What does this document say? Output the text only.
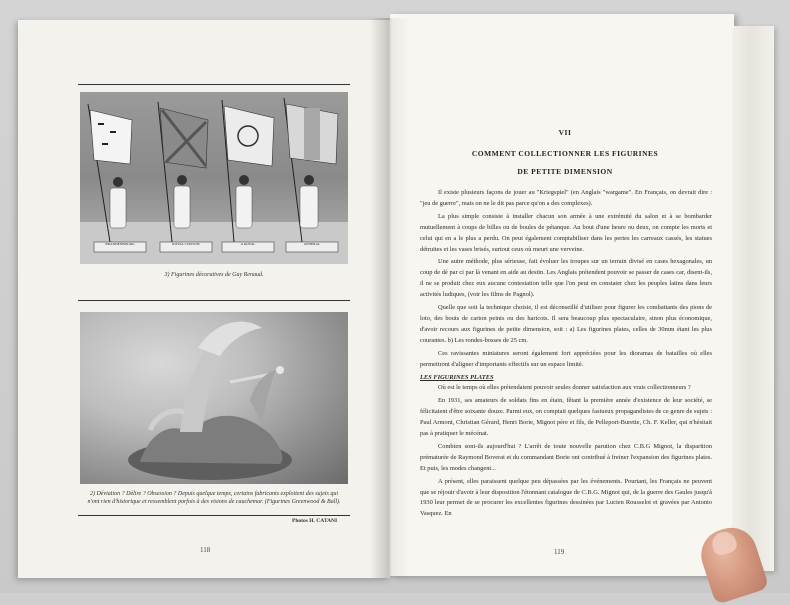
BRANDENBOURG	ROYAL CONTOIS	A ROYAL	GENERAL
3) Figurines décoratives de Guy Renaud.
2) Déviation ? Délire ? Obsession ? Depuis quelque temps, certains fabricants exploitent des sujets qui n'ont rien d'historique et ressemblent parfois à des visions de cauchemar. (Figurines Greenwood & Ball).
Photos H. CATANI
118
VII
COMMENT COLLECTIONNER LES FIGURINES
DE PETITE DIMENSION

Il existe plusieurs façons de jouer au "Kriegspiel" (en Anglais "wargame". En Français, on devrait dire : "jeu de guerre", mais on ne le dit pas parce qu'on a des complexes).

La plus simple consiste à installer chacun son armée à une extrémité du salon et à se bombarder mutuellement à coups de billes ou de boules de pétanque. Au bout d'une heure ou deux, on compte les morts et celui qui en a le plus a perdu. On peut également comptabiliser dans les pertes les carreaux cassés, les statues détruites et les vases brisés, surtout ceux où meurt une verveine.

Une autre méthode, plus sérieuse, fait évoluer les troupes sur un terrain divisé en cases hexagonales, un coup de dé par ci par là venant en aide au destin. Les Anglais prétendent pouvoir se passer de cases car, disent-ils, il ne se produit chez eux aucune contestation telle que l'on peut en constater chez les peuples latins dans leurs activités ludiques, (voir les films de Pagnol).

Quelle que soit la technique choisie, il est déconseillé d'utiliser pour figurer les combattants des pions de loto, des bouts de carton peints ou des haricots. Il sera beaucoup plus spectaculaire, sinon plus économique, d'avoir recours aux figurines de petite dimension, soit : a) Les figurines plates, celles de 30mm étant les plus courantes. b) Les rondes-bosses de 25 cm.

Ces ravissantes miniatures seront également fort appréciées pour les dioramas de batailles où elles permettront d'aligner d'importants effectifs sur un espace limité.

LES FIGURINES PLATES

Où est le temps où elles prétendaient pouvoir seules donner satisfaction aux vrais collectionneurs ?

En 1931, ses amateurs de soldats fins en étain, fêtant la première année d'existence de leur société, se félicitaient d'être soixante douze. Parmi eux, on comptait quelques fastueux propagandistes de ce genre de sujets : Paul Armont, Christian Gérard, Henri Borie, Mignot père et fils, de Pelleport-Burette, Ch. F. Keller, qui n'hésitait pas à pratiquer le mécénat.

Combien sont-ils aujourd'hui ? L'arrêt de toute nouvelle parution chez C.B.G Mignot, la disparition prématurée de Raymond Boverat et du commandant Borie ont contribué à freiner l'expansion des figurines plates. Et puis, les modes changent...

A présent, elles paraissent quelque peu dépassées par les événements. Pourtant, les Français ne peuvent que se réjouir d'avoir à leur disposition l'étonnant catalogue de C.B.G. Mignot qui, de la guerre des Gaules jusqu'à 1930 leur permet de se procurer les excellentes figurines dessinées par Lucien Rousselot et gravées par Antonio Vasquez. En

119
